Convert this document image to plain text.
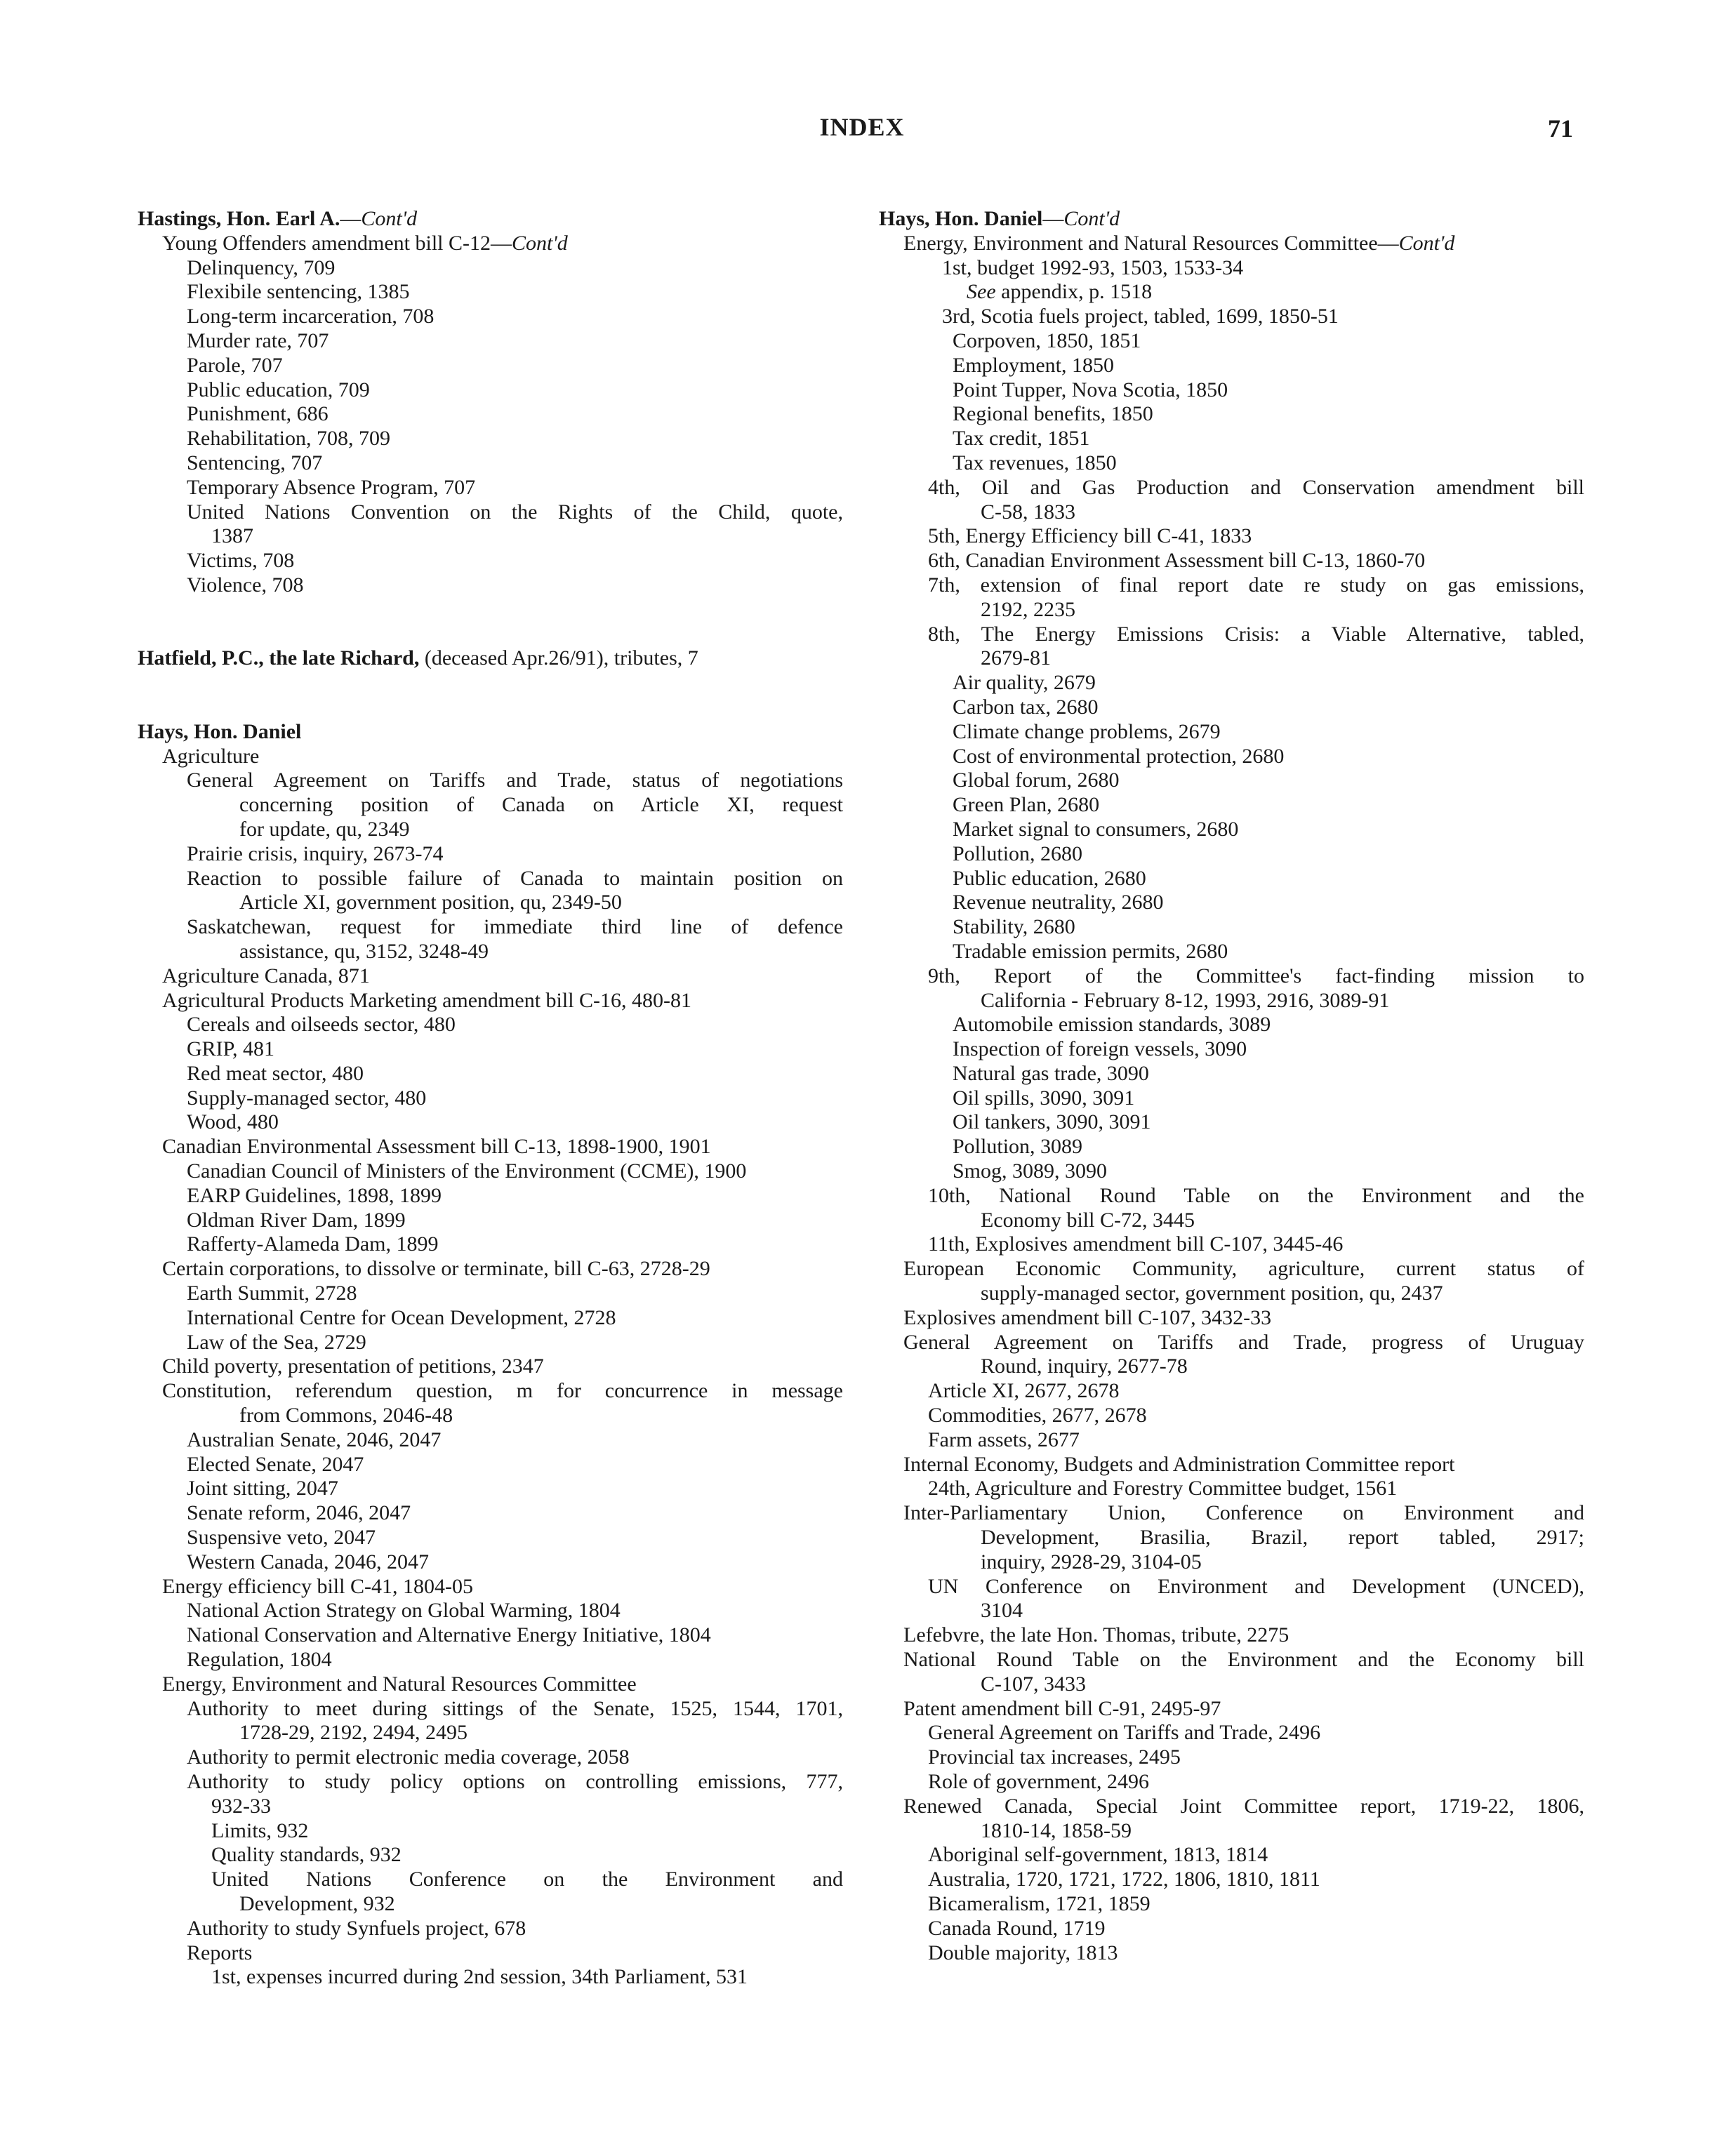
INDEX	71

Hastings, Hon. Earl A.—Cont'd

Young Offenders amendment bill C-12—Cont'd

Delinquency, 709

Flexibile sentencing, 1385

Long-term incarceration, 708

Murder rate, 707

Parole, 707

Public education, 709

Punishment, 686

Rehabilitation, 708, 709

Sentencing, 707

Temporary Absence Program, 707

United Nations Convention on the Rights of the Child, quote,

1387

Victims, 708

Violence, 708

Hatfield, P.C., the late Richard, (deceased Apr.26/91), tributes, 7

Hays, Hon. Daniel

Agriculture

General Agreement on Tariffs and Trade, status of negotiations

concerning position of Canada on Article XI, request

for update, qu, 2349

Prairie crisis, inquiry, 2673-74

Reaction to possible failure of Canada to maintain position on

Article XI, government position, qu, 2349-50

Saskatchewan, request for immediate third line of defence

assistance, qu, 3152, 3248-49

Agriculture Canada, 871

Agricultural Products Marketing amendment bill C-16, 480-81

Cereals and oilseeds sector, 480

GRIP, 481

Red meat sector, 480

Supply-managed sector, 480

Wood, 480

Canadian Environmental Assessment bill C-13, 1898-1900, 1901

Canadian Council of Ministers of the Environment (CCME), 1900

EARP Guidelines, 1898, 1899

Oldman River Dam, 1899

Rafferty-Alameda Dam, 1899

Certain corporations, to dissolve or terminate, bill C-63, 2728-29

Earth Summit, 2728

International Centre for Ocean Development, 2728

Law of the Sea, 2729

Child poverty, presentation of petitions, 2347

Constitution, referendum question, m for concurrence in message

from Commons, 2046-48

Australian Senate, 2046, 2047

Elected Senate, 2047

Joint sitting, 2047

Senate reform, 2046, 2047

Suspensive veto, 2047

Western Canada, 2046, 2047

Energy efficiency bill C-41, 1804-05

National Action Strategy on Global Warming, 1804

National Conservation and Alternative Energy Initiative, 1804

Regulation, 1804

Energy, Environment and Natural Resources Committee

Authority to meet during sittings of the Senate, 1525, 1544, 1701,

1728-29, 2192, 2494, 2495

Authority to permit electronic media coverage, 2058

Authority to study policy options on controlling emissions, 777,

932-33

Limits, 932

Quality standards, 932

United Nations Conference on the Environment and

Development, 932

Authority to study Synfuels project, 678

Reports

1st, expenses incurred during 2nd session, 34th Parliament, 531

Hays, Hon. Daniel—Cont'd

Energy, Environment and Natural Resources Committee—Cont'd

1st, budget 1992-93, 1503, 1533-34

See appendix, p. 1518

3rd, Scotia fuels project, tabled, 1699, 1850-51

Corpoven, 1850, 1851

Employment, 1850

Point Tupper, Nova Scotia, 1850

Regional benefits, 1850

Tax credit, 1851

Tax revenues, 1850

4th, Oil and Gas Production and Conservation amendment bill

C-58, 1833

5th, Energy Efficiency bill C-41, 1833

6th, Canadian Environment Assessment bill C-13, 1860-70

7th, extension of final report date re study on gas emissions,

2192, 2235

8th, The Energy Emissions Crisis: a Viable Alternative, tabled,

2679-81

Air quality, 2679

Carbon tax, 2680

Climate change problems, 2679

Cost of environmental protection, 2680

Global forum, 2680

Green Plan, 2680

Market signal to consumers, 2680

Pollution, 2680

Public education, 2680

Revenue neutrality, 2680

Stability, 2680

Tradable emission permits, 2680

9th, Report of the Committee's fact-finding mission to

California - February 8-12, 1993, 2916, 3089-91

Automobile emission standards, 3089

Inspection of foreign vessels, 3090

Natural gas trade, 3090

Oil spills, 3090, 3091

Oil tankers, 3090, 3091

Pollution, 3089

Smog, 3089, 3090

10th, National Round Table on the Environment and the

Economy bill C-72, 3445

11th, Explosives amendment bill C-107, 3445-46

European Economic Community, agriculture, current status of

supply-managed sector, government position, qu, 2437

Explosives amendment bill C-107, 3432-33

General Agreement on Tariffs and Trade, progress of Uruguay

Round, inquiry, 2677-78

Article XI, 2677, 2678

Commodities, 2677, 2678

Farm assets, 2677

Internal Economy, Budgets and Administration Committee report

24th, Agriculture and Forestry Committee budget, 1561

Inter-Parliamentary Union, Conference on Environment and

Development, Brasilia, Brazil, report tabled, 2917;

inquiry, 2928-29, 3104-05

UN Conference on Environment and Development (UNCED),

3104

Lefebvre, the late Hon. Thomas, tribute, 2275

National Round Table on the Environment and the Economy bill

C-107, 3433

Patent amendment bill C-91, 2495-97

General Agreement on Tariffs and Trade, 2496

Provincial tax increases, 2495

Role of government, 2496

Renewed Canada, Special Joint Committee report, 1719-22, 1806,

1810-14, 1858-59

Aboriginal self-government, 1813, 1814

Australia, 1720, 1721, 1722, 1806, 1810, 1811

Bicameralism, 1721, 1859

Canada Round, 1719

Double majority, 1813
